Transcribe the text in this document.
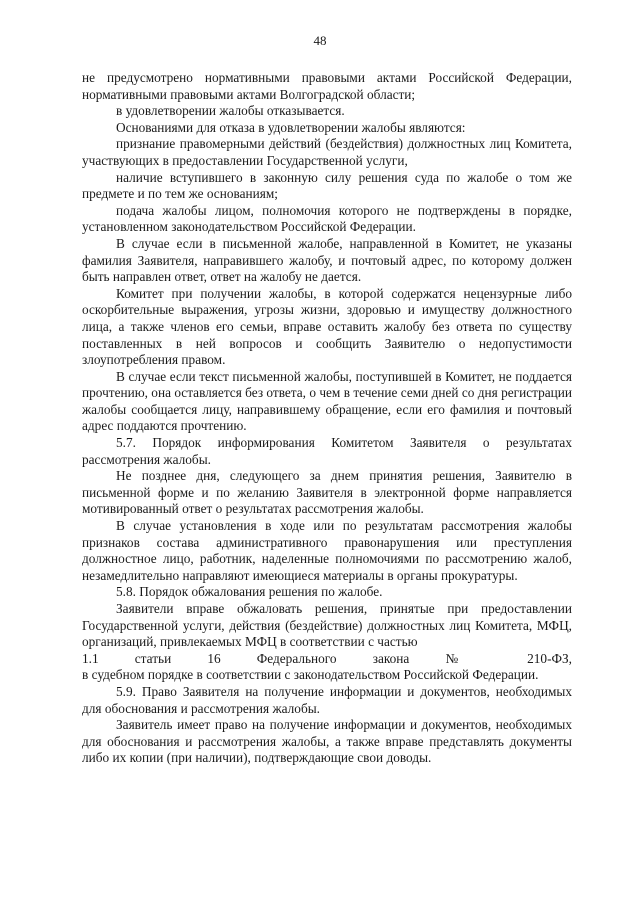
48

не предусмотрено нормативными правовыми актами Российской Федерации, нормативными правовыми актами Волгоградской области;

в удовлетворении жалобы отказывается.

Основаниями для отказа в удовлетворении жалобы являются:

признание правомерными действий (бездействия) должностных лиц Комитета, участвующих в предоставлении Государственной услуги,

наличие вступившего в законную силу решения суда по жалобе о том же предмете и по тем же основаниям;

подача жалобы лицом, полномочия которого не подтверждены в порядке, установленном законодательством Российской Федерации.

В случае если в письменной жалобе, направленной в Комитет, не указаны фамилия Заявителя, направившего жалобу, и почтовый адрес, по которому должен быть направлен ответ, ответ на жалобу не дается.

Комитет при получении жалобы, в которой содержатся нецензурные либо оскорбительные выражения, угрозы жизни, здоровью и имуществу должностного лица, а также членов его семьи, вправе оставить жалобу без ответа по существу поставленных в ней вопросов и сообщить Заявителю о недопустимости злоупотребления правом.

В случае если текст письменной жалобы, поступившей в Комитет, не поддается прочтению, она оставляется без ответа, о чем в течение семи дней со дня регистрации жалобы сообщается лицу, направившему обращение, если его фамилия и почтовый адрес поддаются прочтению.

5.7. Порядок информирования Комитетом Заявителя о результатах рассмотрения жалобы.

Не позднее дня, следующего за днем принятия решения, Заявителю в письменной форме и по желанию Заявителя в электронной форме направляется мотивированный ответ о результатах рассмотрения жалобы.

В случае установления в ходе или по результатам рассмотрения жалобы признаков состава административного правонарушения или преступления должностное лицо, работник, наделенные полномочиями по рассмотрению жалоб, незамедлительно направляют имеющиеся материалы в органы прокуратуры.

5.8. Порядок обжалования решения по жалобе.

Заявители вправе обжаловать решения, принятые при предоставлении Государственной услуги, действия (бездействие) должностных лиц Комитета, МФЦ, организаций, привлекаемых МФЦ в соответствии с частью

1.1 статьи 16 Федерального закона № 210-ФЗ,

в судебном порядке в соответствии с законодательством Российской Федерации.

5.9. Право Заявителя на получение информации и документов, необходимых для обоснования и рассмотрения жалобы.

Заявитель имеет право на получение информации и документов, необходимых для обоснования и рассмотрения жалобы, а также вправе представлять документы либо их копии (при наличии), подтверждающие свои доводы.
